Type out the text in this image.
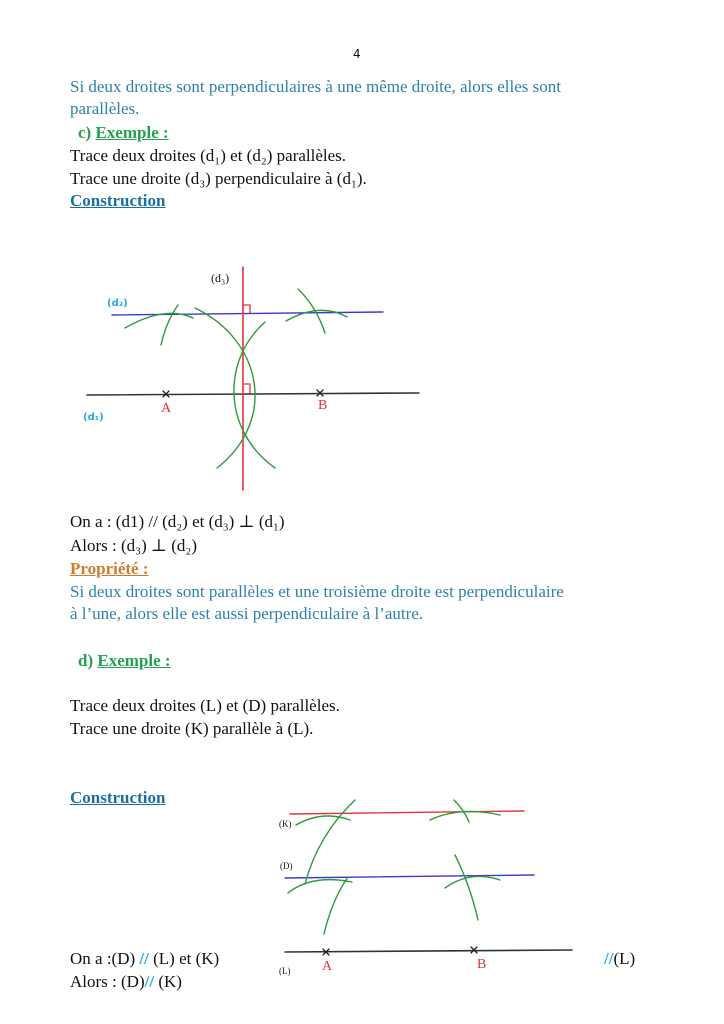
4
Si deux droites sont perpendiculaires à une même droite, alors elles sont
parallèles.
c) Exemple :
Trace deux droites (d₁) et (d₂) parallèles.
Trace une droite (d₃) perpendiculaire à (d₁).
Construction
(d₁)
(d₂)
(d₃)
A	B
On a : (d1) // (d₂) et (d₃) ⊥ (d₁)
Alors : (d₃) ⊥ (d₂)
Propriété :
Si deux droites sont parallèles et une troisième droite est perpendiculaire
à l’une, alors elle est aussi perpendiculaire à l’autre.
d) Exemple :
Trace deux droites (L) et (D) parallèles.
Trace une droite (K) parallèle à (L).
Construction
(K)
(D)
(L) A	B
On a :(D) // (L) et (K)	//(L)
Alors : (D)// (K)
